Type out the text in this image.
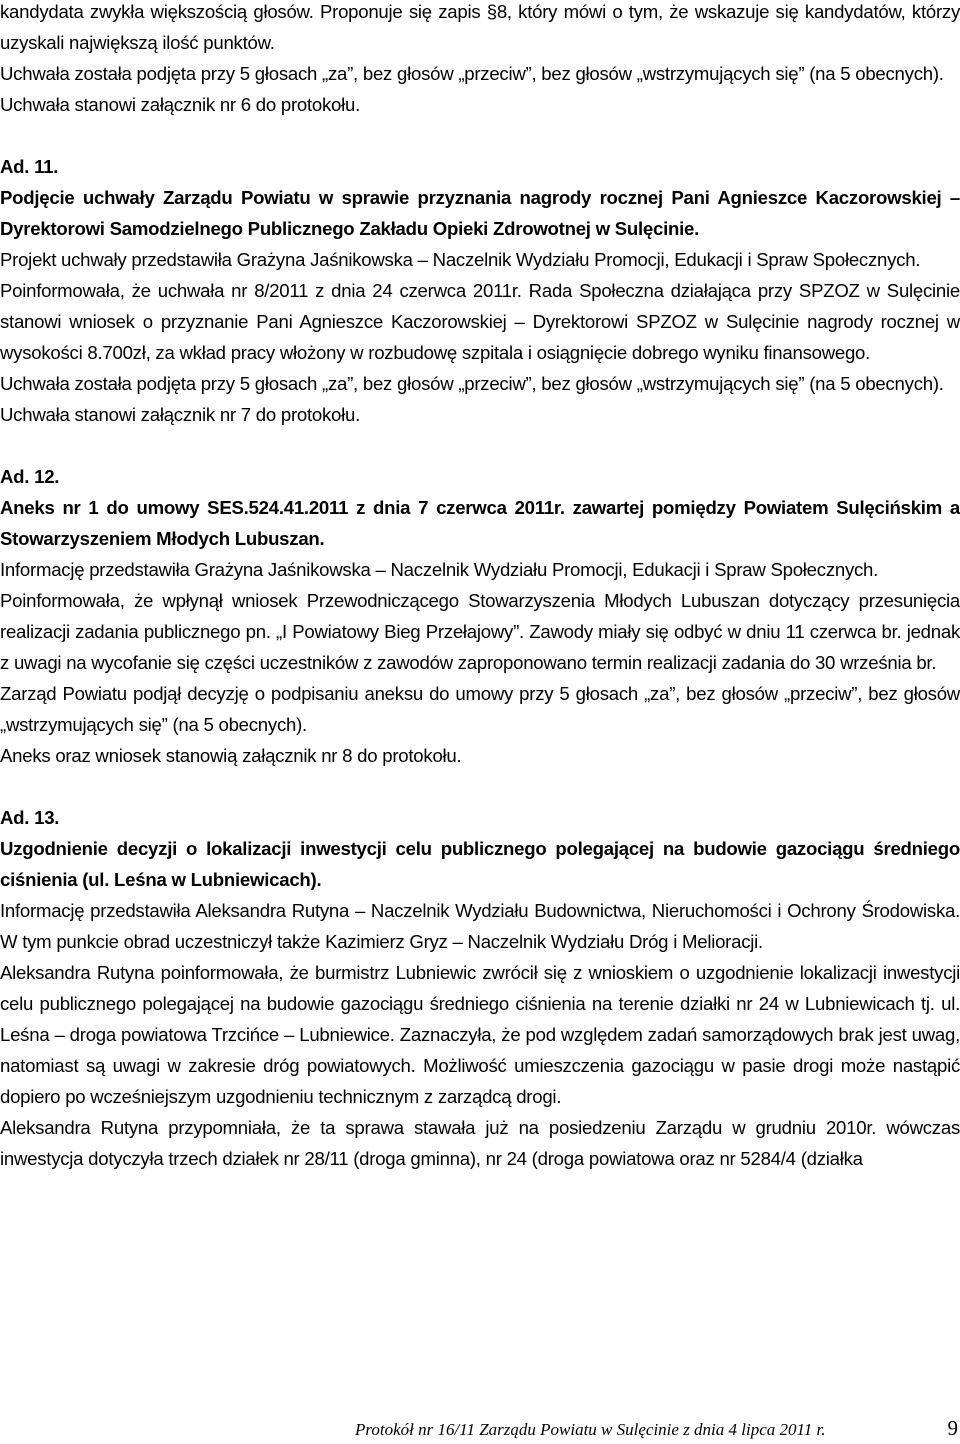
kandydata zwykła większością głosów. Proponuje się zapis §8, który mówi o tym, że wskazuje się kandydatów, którzy uzyskali największą ilość punktów.
Uchwała została podjęta przy 5 głosach „za”, bez głosów „przeciw”, bez głosów „wstrzymujących się” (na 5 obecnych).
Uchwała stanowi załącznik nr 6 do protokołu.
Ad. 11.
Podjęcie uchwały Zarządu Powiatu w sprawie przyznania nagrody rocznej Pani Agnieszce Kaczorowskiej – Dyrektorowi Samodzielnego Publicznego Zakładu Opieki Zdrowotnej w Sulęcinie.
Projekt uchwały przedstawiła Grażyna Jaśnikowska – Naczelnik Wydziału Promocji, Edukacji i Spraw Społecznych.
Poinformowała, że uchwała nr 8/2011 z dnia 24 czerwca 2011r. Rada Społeczna działająca przy SPZOZ w Sulęcinie stanowi wniosek o przyznanie Pani Agnieszce Kaczorowskiej – Dyrektorowi SPZOZ w Sulęcinie nagrody rocznej w wysokości 8.700zł, za wkład pracy włożony w rozbudowę szpitala i osiągnięcie dobrego wyniku finansowego.
Uchwała została podjęta przy 5 głosach „za”, bez głosów „przeciw”, bez głosów „wstrzymujących się” (na 5 obecnych).
Uchwała stanowi załącznik nr 7 do protokołu.
Ad. 12.
Aneks nr 1 do umowy SES.524.41.2011 z dnia 7 czerwca 2011r. zawartej pomiędzy Powiatem Sulęcińskim a Stowarzyszeniem Młodych Lubuszan.
Informację przedstawiła Grażyna Jaśnikowska – Naczelnik Wydziału Promocji, Edukacji i Spraw Społecznych.
Poinformowała, że wpłynął wniosek Przewodniczącego Stowarzyszenia Młodych Lubuszan dotyczący przesunięcia realizacji zadania publicznego pn. „I Powiatowy Bieg Przełajowy”. Zawody miały się odbyć w dniu 11 czerwca br. jednak z uwagi na wycofanie się części uczestników z zawodów zaproponowano termin realizacji zadania do 30 września br.
Zarząd Powiatu podjął decyzję o podpisaniu aneksu do umowy przy 5 głosach „za”, bez głosów „przeciw”, bez głosów „wstrzymujących się” (na 5 obecnych).
Aneks oraz wniosek stanowią załącznik nr 8 do protokołu.
Ad. 13.
Uzgodnienie decyzji o lokalizacji inwestycji celu publicznego polegającej na budowie gazociągu średniego ciśnienia (ul. Leśna w Lubniewicach).
Informację przedstawiła Aleksandra Rutyna – Naczelnik Wydziału Budownictwa, Nieruchomości i Ochrony Środowiska. W tym punkcie obrad uczestniczył także Kazimierz Gryz – Naczelnik Wydziału Dróg i Melioracji.
Aleksandra Rutyna poinformowała, że burmistrz Lubniewic zwrócił się z wnioskiem o uzgodnienie lokalizacji inwestycji celu publicznego polegającej na budowie gazociągu średniego ciśnienia na terenie działki nr 24 w Lubniewicach tj. ul. Leśna – droga powiatowa Trzcińce – Lubniewice. Zaznaczyła, że pod względem zadań samorządowych brak jest uwag, natomiast są uwagi w zakresie dróg powiatowych. Możliwość umieszczenia gazociągu w pasie drogi może nastąpić dopiero po wcześniejszym uzgodnieniu technicznym z zarządcą drogi.
Aleksandra Rutyna przypomniała, że ta sprawa stawała już na posiedzeniu Zarządu w grudniu 2010r. wówczas inwestycja dotyczyła trzech działek nr 28/11 (droga gminna), nr 24 (droga powiatowa oraz nr 5284/4 (działka
Protokół nr 16/11 Zarządu Powiatu w Sulęcinie z dnia 4 lipca 2011 r.	9
